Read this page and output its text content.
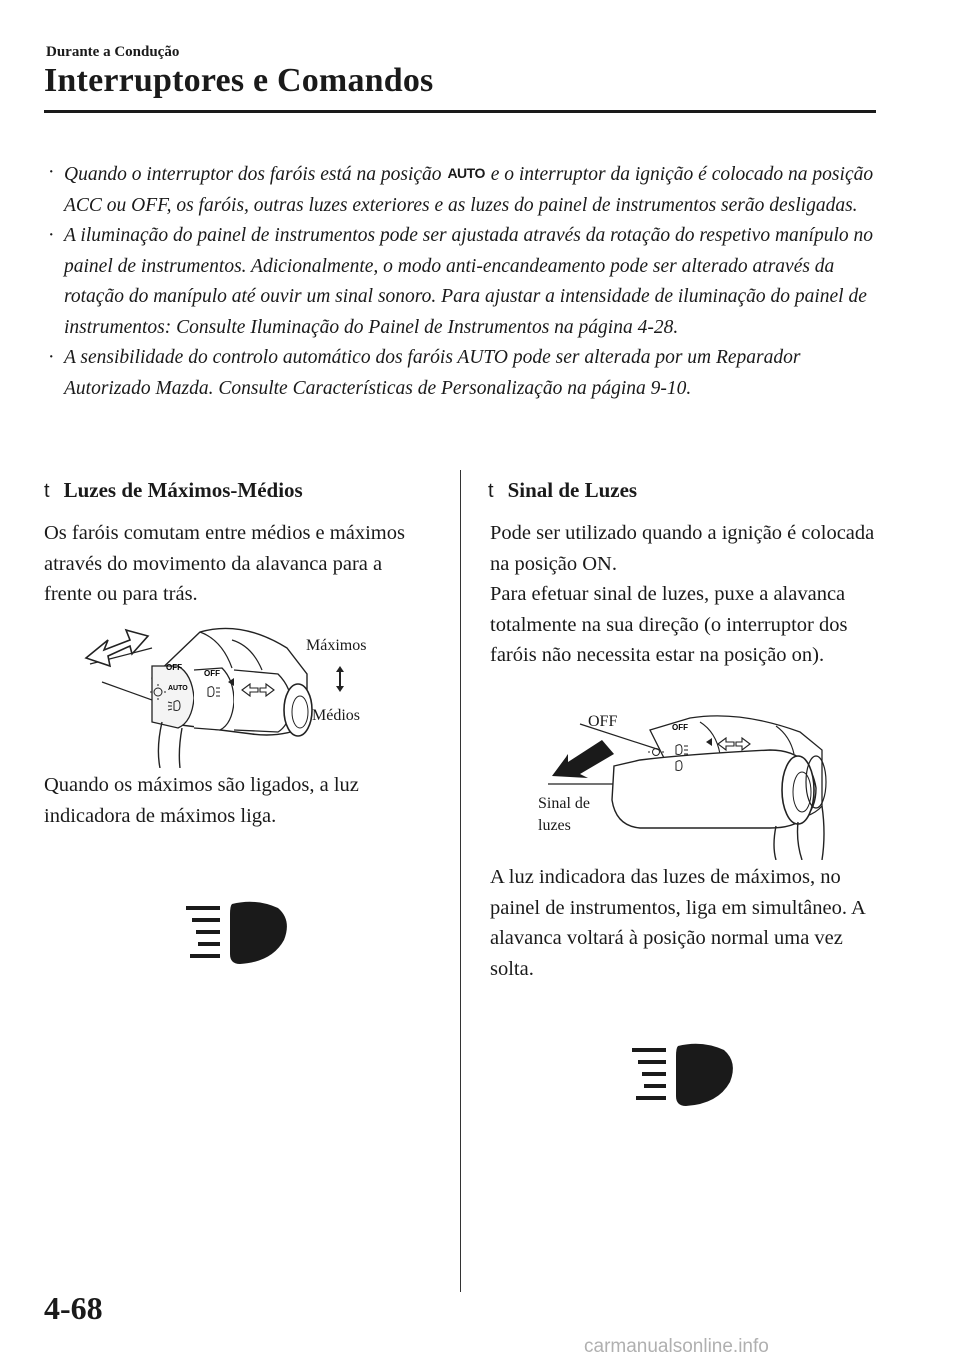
Durante a Condução
Interruptores e Comandos

· Quando o interruptor dos faróis está na posição AUTO e o interruptor da ignição é colocado na posição ACC ou OFF, os faróis, outras luzes exteriores e as luzes do painel de instrumentos serão desligadas.

· A iluminação do painel de instrumentos pode ser ajustada através da rotação do respetivo manípulo no painel de instrumentos. Adicionalmente, o modo anti-encandeamento pode ser alterado através da rotação do manípulo até ouvir um sinal sonoro. Para ajustar a intensidade de iluminação do painel de instrumentos: Consulte Iluminação do Painel de Instrumentos na página 4-28.

· A sensibilidade do controlo automático dos faróis AUTO pode ser alterada por um Reparador Autorizado Mazda. Consulte Características de Personalização na página 9-10.

t Luzes de Máximos-Médios
Os faróis comutam entre médios e máximos através do movimento da alavanca para a frente ou para trás.
OFF
OFF
AUTO
Máximos
Médios
Quando os máximos são ligados, a luz indicadora de máximos liga.
t Sinal de Luzes
Pode ser utilizado quando a ignição é colocada na posição ON.
Para efetuar sinal de luzes, puxe a alavanca totalmente na sua direção (o interruptor dos faróis não necessita estar na posição on).
OFF
OFF
Sinal de
luzes
A luz indicadora das luzes de máximos, no painel de instrumentos, liga em simultâneo. A alavanca voltará à posição normal uma vez solta.
4-68
carmanualsonline.info
